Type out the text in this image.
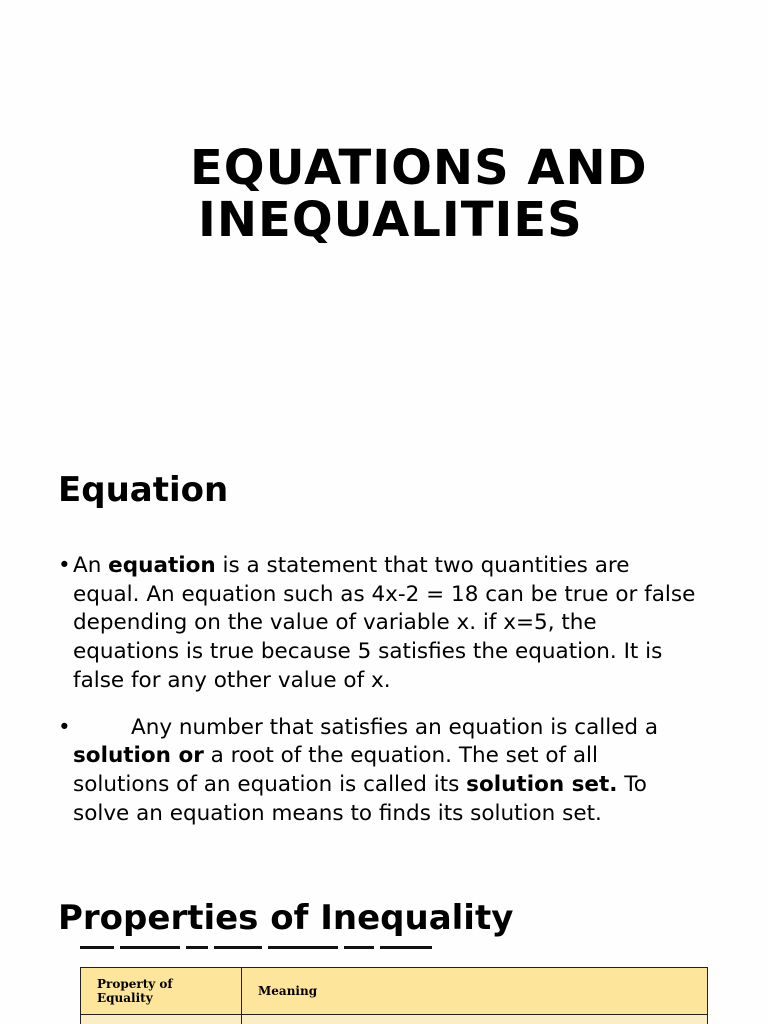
EQUATIONS AND
INEQUALITIES
Equation
• An equation is a statement that two quantities are equal. An equation such as 4x-2 = 18 can be true or false depending on the value of variable x. if x=5, the equations is true because 5 satisfies the equation. It is false for any other value of x.
•	Any number that satisfies an equation is called a solution or a root of the equation. The set of all solutions of an equation is called its solution set. To solve an equation means to finds its solution set.
Properties of Inequality
Property of Equality	Meaning
